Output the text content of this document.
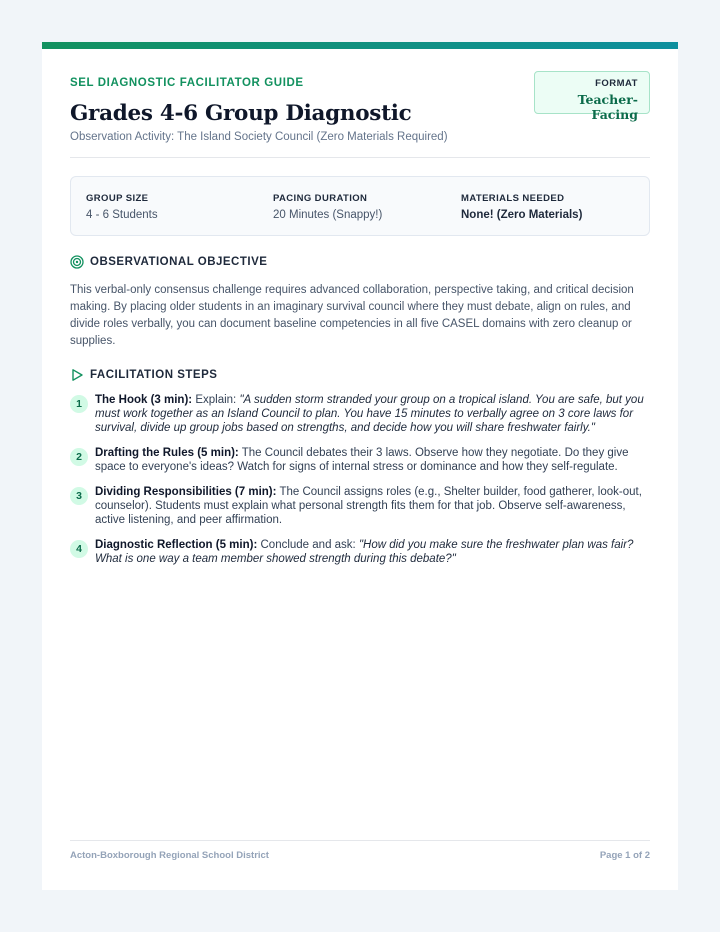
SEL DIAGNOSTIC FACILITATOR GUIDE
Grades 4-6 Group Diagnostic
Observation Activity: The Island Society Council (Zero Materials Required)
FORMAT
Teacher-Facing
GROUP SIZE
4 - 6 Students
PACING DURATION
20 Minutes (Snappy!)
MATERIALS NEEDED
None! (Zero Materials)
OBSERVATIONAL OBJECTIVE

This verbal-only consensus challenge requires advanced collaboration, perspective taking, and critical decision making. By placing older students in an imaginary survival council where they must debate, align on rules, and divide roles verbally, you can document baseline competencies in all five CASEL domains with zero cleanup or supplies.

FACILITATION STEPS
1	The Hook (3 min): Explain: "A sudden storm stranded your group on a tropical island. You are safe, but you must work together as an Island Council to plan. You have 15 minutes to verbally agree on 3 core laws for survival, divide up group jobs based on strengths, and decide how you will share freshwater fairly."
2	Drafting the Rules (5 min): The Council debates their 3 laws. Observe how they negotiate. Do they give space to everyone's ideas? Watch for signs of internal stress or dominance and how they self-regulate.
3	Dividing Responsibilities (7 min): The Council assigns roles (e.g., Shelter builder, food gatherer, look-out, counselor). Students must explain what personal strength fits them for that job. Observe self-awareness, active listening, and peer affirmation.
4	Diagnostic Reflection (5 min): Conclude and ask: "How did you make sure the freshwater plan was fair? What is one way a team member showed strength during this debate?"
Acton-Boxborough Regional School District	Page 1 of 2
